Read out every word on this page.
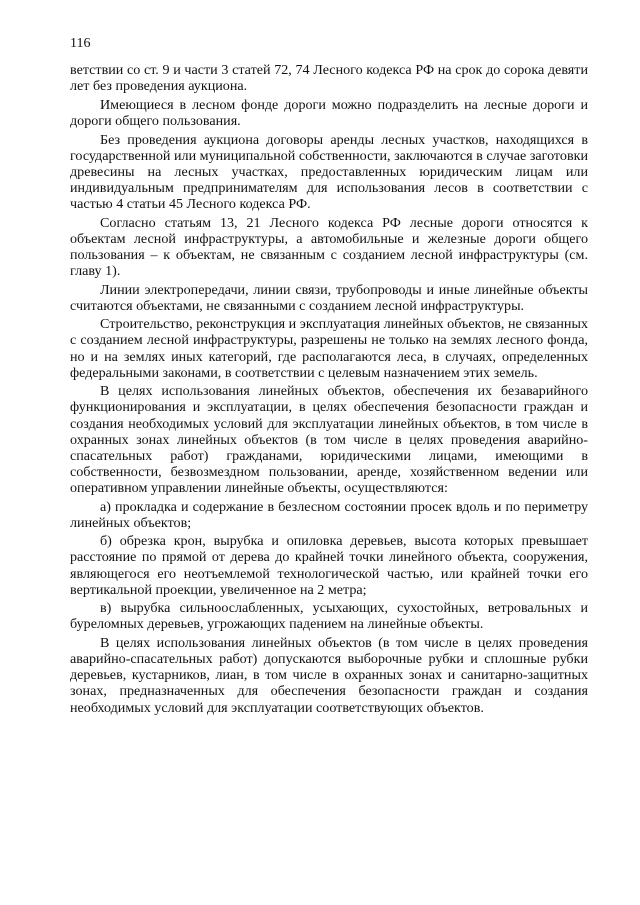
116

ветствии со ст. 9 и части 3 статей 72, 74 Лесного кодекса РФ на срок до сорока девяти лет без проведения аукциона.

Имеющиеся в лесном фонде дороги можно подразделить на лесные дороги и дороги общего пользования.

Без проведения аукциона договоры аренды лесных участков, находящихся в государственной или муниципальной собственности, заключаются в случае заготовки древесины на лесных участках, предоставленных юридическим лицам или индивидуальным предпринимателям для использования лесов в соответствии с частью 4 статьи 45 Лесного кодекса РФ.

Согласно статьям 13, 21 Лесного кодекса РФ лесные дороги относятся к объектам лесной инфраструктуры, а автомобильные и железные дороги общего пользования – к объектам, не связанным с созданием лесной инфраструктуры (см. главу 1).

Линии электропередачи, линии связи, трубопроводы и иные линейные объекты считаются объектами, не связанными с созданием лесной инфраструктуры.

Строительство, реконструкция и эксплуатация линейных объектов, не связанных с созданием лесной инфраструктуры, разрешены не только на землях лесного фонда, но и на землях иных категорий, где располагаются леса, в случаях, определенных федеральными законами, в соответствии с целевым назначением этих земель.

В целях использования линейных объектов, обеспечения их безаварийного функционирования и эксплуатации, в целях обеспечения безопасности граждан и создания необходимых условий для эксплуатации линейных объектов, в том числе в охранных зонах линейных объектов (в том числе в целях проведения аварийно-спасательных работ) гражданами, юридическими лицами, имеющими в собственности, безвозмездном пользовании, аренде, хозяйственном ведении или оперативном управлении линейные объекты, осуществляются:

а) прокладка и содержание в безлесном состоянии просек вдоль и по периметру линейных объектов;

б) обрезка крон, вырубка и опиловка деревьев, высота которых превышает расстояние по прямой от дерева до крайней точки линейного объекта, сооружения, являющегося его неотъемлемой технологической частью, или крайней точки его вертикальной проекции, увеличенное на 2 метра;

в) вырубка сильноослабленных, усыхающих, сухостойных, ветровальных и буреломных деревьев, угрожающих падением на линейные объекты.

В целях использования линейных объектов (в том числе в целях проведения аварийно-спасательных работ) допускаются выборочные рубки и сплошные рубки деревьев, кустарников, лиан, в том числе в охранных зонах и санитарно-защитных зонах, предназначенных для обеспечения безопасности граждан и создания необходимых условий для эксплуатации соответствующих объектов.
